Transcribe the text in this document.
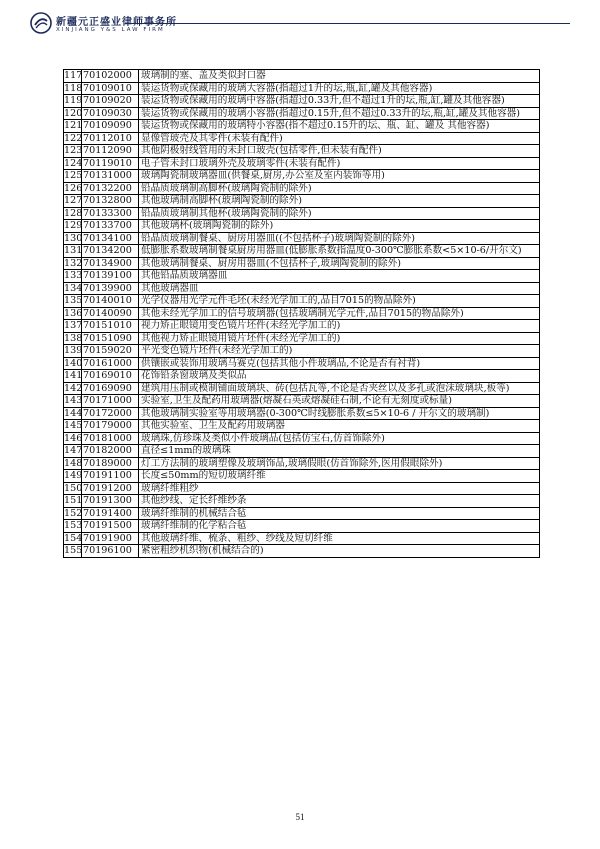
新疆元正盛业律师事务所
XINJIANG Y&S LAW FIRM
117	70102000	玻璃制的塞、盖及类似封口器
118	70109010	装运货物或保藏用的玻璃大容器(指超过1升的坛,瓶,缸,罐及其他容器)
119	70109020	装运货物或保藏用的玻璃中容器(指超过0.33升,但不超过1升的坛,瓶,缸,罐及其他容器)
120	70109030	装运货物或保藏用的玻璃小容器(指超过0.15升,但不超过0.33升的坛,瓶,缸,罐及其他容器)
121	70109090	装运货物或保藏用的玻璃特小容器(指不超过0.15升的坛、瓶、缸、罐及 其他容器)
122	70112010	显像管玻壳及其零件(未装有配件)
123	70112090	其他阴极射线管用的未封口玻壳(包括零件,但未装有配件)
124	70119010	电子管未封口玻璃外壳及玻璃零件(未装有配件)
125	70131000	玻璃陶瓷制玻璃器皿(供餐桌,厨房,办公室及室内装饰等用)
126	70132200	铅晶质玻璃制高脚杯(玻璃陶瓷制的除外)
127	70132800	其他玻璃制高脚杯(玻璃陶瓷制的除外)
128	70133300	铅晶质玻璃制其他杯(玻璃陶瓷制的除外)
129	70133700	其他玻璃杯(玻璃陶瓷制的除外)
130	70134100	铅晶质玻璃制餐桌、厨房用器皿((不包括杯子)玻璃陶瓷制的除外)
131	70134200	低膨胀系数玻璃制餐桌厨房用器皿(低膨胀系数指温度0-300℃膨胀系数<5×10-6/开尔文)
132	70134900	其他玻璃制餐桌、厨房用器皿(不包括杯子,玻璃陶瓷制的除外)
133	70139100	其他铅晶质玻璃器皿
134	70139900	其他玻璃器皿
135	70140010	光学仪器用光学元件毛坯(未经光学加工的,品目7015的物品除外)
136	70140090	其他未经光学加工的信号玻璃器(包括玻璃制光学元件,品目7015的物品除外)
137	70151010	视力矫正眼镜用变色镜片坯件(未经光学加工的)
138	70151090	其他视力矫正眼镜用镜片坯件(未经光学加工的)
139	70159020	平光变色镜片坯件(未经光学加工的)
140	70161000	供镶嵌或装饰用玻璃马赛克(包括其他小件玻璃品,不论是否有衬背)
141	70169010	花饰铅条窗玻璃及类似品
142	70169090	建筑用压制或模制铺面玻璃块、砖(包括瓦等,不论是否夹丝以及多孔或泡沫玻璃块,板等)
143	70171000	实验室,卫生及配药用玻璃器(熔凝石英或熔凝硅石制,不论有无刻度或标量)
144	70172000	其他玻璃制实验室等用玻璃器(0-300℃时线膨胀系数≤5×10-6 / 开尔文的玻璃制)
145	70179000	其他实验室、卫生及配药用玻璃器
146	70181000	玻璃珠,仿珍珠及类似小件玻璃品(包括仿宝石,仿首饰除外)
147	70182000	直径≤1mm的玻璃珠
148	70189000	灯工方法制的玻璃塑像及玻璃饰品,玻璃假眼(仿首饰除外,医用假眼除外)
149	70191100	长度≤50mm的短切玻璃纤维
150	70191200	玻璃纤维粗纱
151	70191300	其他纱线、定长纤维纱条
152	70191400	玻璃纤维制的机械结合毡
153	70191500	玻璃纤维制的化学粘合毡
154	70191900	其他玻璃纤维、梳条、粗纱、纱线及短切纤维
155	70196100	紧密粗纱机织物(机械结合的)
51
